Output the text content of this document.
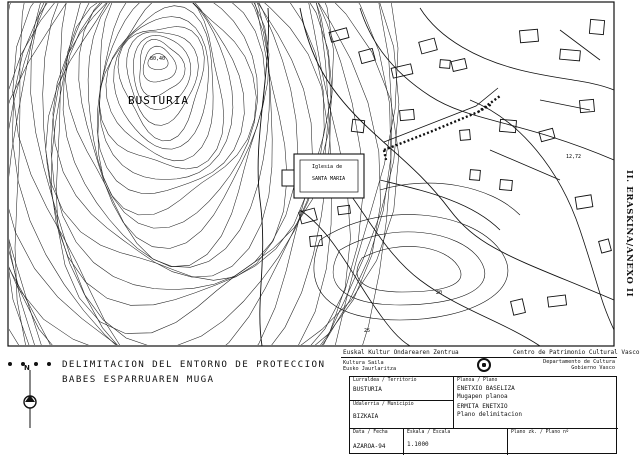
Iglesia de
SANTA MARIA
BUSTURIA
80,40
12,72
20
25
II. ERASKINA/ANEXO II
DELIMITACION DEL ENTORNO DE PROTECCION
BABES ESPARRUAREN MUGA
N
Euskal Kultur Ondarearen Zentrua	Centro de Patrimonio Cultural Vasco
Kultura Saila
Eusko Jaurlaritza
Departamento de Cultura
Gobierno Vasco
Lurraldea / Territorio
BUSTURIA
Udalerria / Municipio
BIZKAIA
Planoa / Plano
ENETXIO BASELIZA
Mugapen planoa
ERMITA ENETXIO
Plano delimitacion
Data / Fecha
AZAROA-94
Eskala / Escala
1.1000
Plano zk. / Plano nº
